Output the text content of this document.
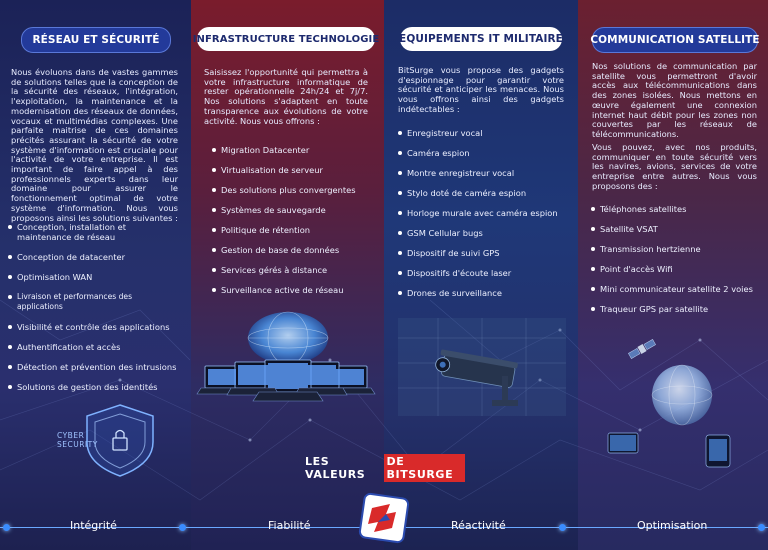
RÉSEAU ET SÉCURITÉ
Nous évoluons dans de vastes gammes de solutions telles que la conception de la sécurité des réseaux, l'intégration, l'exploitation, la maintenance et la modernisation des réseaux de données, vocaux et multimédias complexes. Une parfaite maitrise de ces domaines précités assurant la sécurité de votre système d'information est cruciale pour l'activité de votre entreprise. Il est important de faire appel à des professionnels experts dans leur domaine pour assurer le fonctionnement optimal de votre système d'information. Nous vous proposons ainsi les solutions suivantes :
Conception, installation et maintenance de réseau
Conception de datacenter
Optimisation WAN
Livraison et performances des applications
Visibilité et contrôle des applications
Authentification et accès
Détection et prévention des intrusions
Solutions de gestion des identités
CYBER SECURITY
INFRASTRUCTURE TECHNOLOGIE
Saisissez l'opportunité qui permettra à votre infrastructure informatique de rester opérationnelle 24h/24 et 7j/7. Nos solutions s'adaptent en toute transparence aux évolutions de votre activité. Nous vous offrons :
Migration Datacenter
Virtualisation de serveur
Des solutions plus convergentes
Systèmes de sauvegarde
Politique de rétention
Gestion de base de données
Services gérés à distance
Surveillance active de réseau
EQUIPEMENTS IT MILITAIRE
BitSurge vous propose des gadgets d'espionnage pour garantir votre sécurité et anticiper les menaces. Nous vous offrons ainsi des gadgets indétectables :
Enregistreur vocal
Caméra espion
Montre enregistreur vocal
Stylo doté de caméra espion
Horloge murale avec caméra espion
GSM Cellular bugs
Dispositif de suivi GPS
Dispositifs d'écoute laser
Drones de surveillance
COMMUNICATION SATELLITE
Nos solutions de communication par satellite vous permettront d'avoir accès aux télécommunications dans des zones isolées. Nous mettons en œuvre également une connexion internet haut débit pour les zones non couvertes par les réseaux de télécommunications.
Vous pouvez, avec nos produits, communiquer en toute sécurité vers les navires, avions, services de votre entreprise entre autres. Nous vous proposons des :
Téléphones satellites
Satellite VSAT
Transmission hertzienne
Point d'accès Wifi
Mini communicateur satellite 2 voies
Traqueur GPS par satellite
LES VALEURS
DE BITSURGE
Intégrité	Fiabilité	Réactivité	Optimisation
